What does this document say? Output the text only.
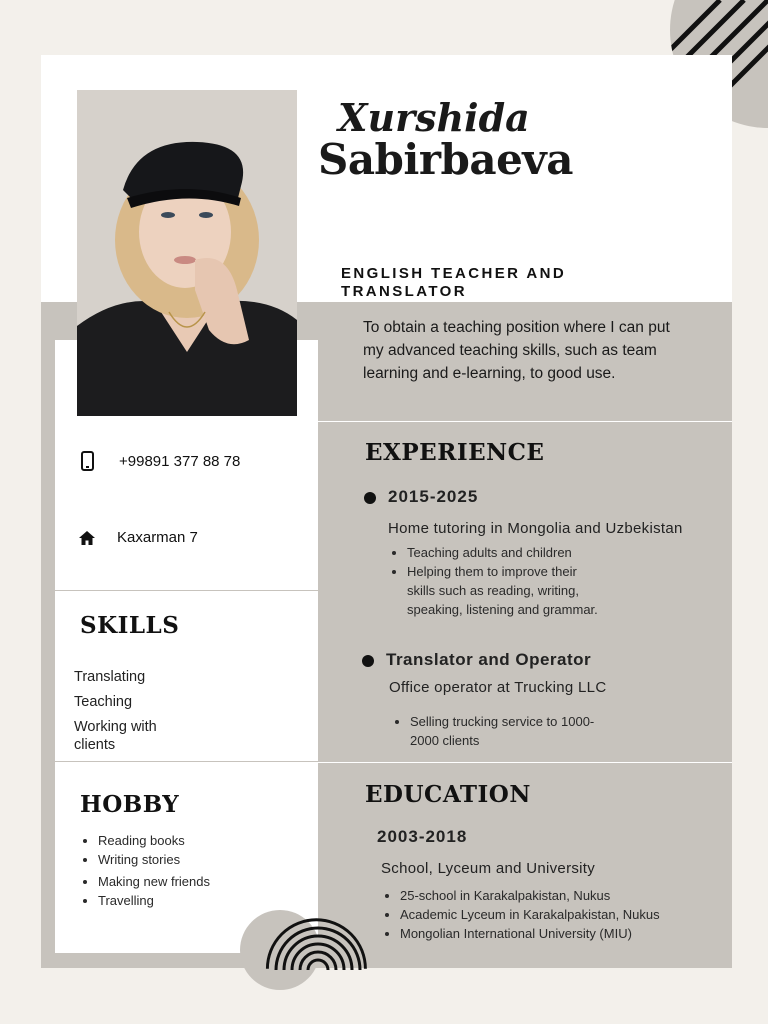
Xurshida
Sabirbaeva
ENGLISH TEACHER AND TRANSLATOR
To obtain a teaching position where I can put my advanced teaching skills, such as team learning and e-learning, to good use.
+99891 377 88 78
Kaxarman 7
SKILLS
Translating
Teaching
Working with clients
HOBBY
• Reading books
• Writing stories
• Making new friends
• Travelling
EXPERIENCE
2015-2025
Home tutoring in Mongolia and Uzbekistan
• Teaching adults and children
• Helping them to improve their skills such as reading, writing, speaking, listening and grammar.
Translator and Operator
Office operator at Trucking LLC
• Selling trucking service to 1000-2000 clients
EDUCATION
2003-2018
School, Lyceum and University
• 25-school in Karakalpakistan, Nukus
• Academic Lyceum in Karakalpakistan, Nukus
• Mongolian International University (MIU)
